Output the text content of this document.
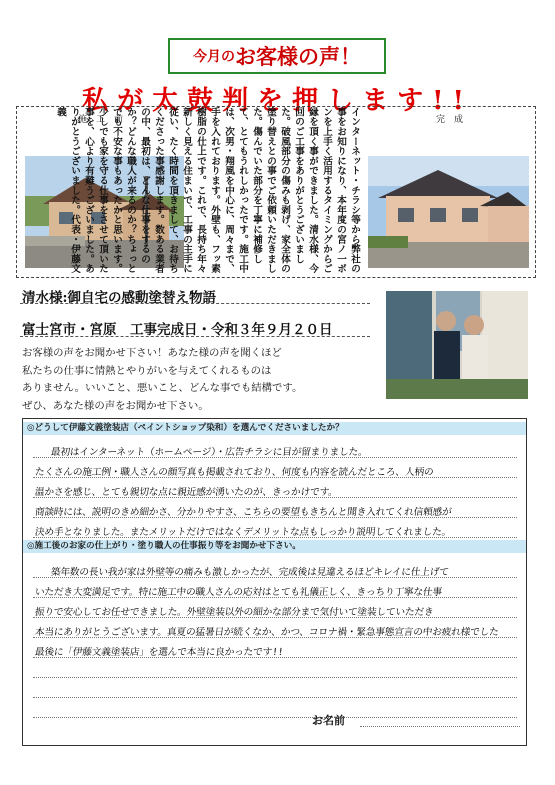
今月の お客様の声！
私が太鼓判を押します!!
施　工　前	完　成
インターネット・チラシ等から弊社の事をお知りになり、本年度の宮ノ一ボンを上手く活用するタイミングからご縁を頂く事ができました。清水様、今回のご工事をありがとうございました。破風部分の傷みも剥げ、家全体の塗り替えとの事でご依頼いただきました。傷んでいた部分を丁寧に補修して、とてもうれしかったです。施工中は、次男・翔風を中心に、周々まで、手を入れております。外壁も、フッ素樹脂の仕上です。これで、長持ち年々新しく見える住まいで、工事の主手に従い、たく時間を頂きまして、お待ちくださった事感謝します。数ある業者の中、最初は、どんな仕事をするのか？どんな職人が来るのか？ちょっとでも不安な事もあったかと思います。少しでも家を守る仕事をさせて頂いた事を、心より有難うございました。ありがとうございました。代表・伊藤文義
清水様:御自宅の感動塗替え物語
富士宮市・宮原　工事完成日・令和３年９月２０日
お客様の声をお聞かせ下さい！あなた様の声を聞くほど
私たちの仕事に情熱とやりがいを与えてくれるものは
ありません。いいこと、悪いこと、どんな事でも結構です。
ぜひ、あなた様の声をお聞かせ下さい。
◎どうして伊藤文義塗装店（ペイントショップ染和）を選んでくださいましたか？
最初はインターネット（ホームページ）・広告チラシに目が留まりました。
たくさんの施工例・職人さんの顔写真も掲載されており、何度も内容を読んだところ、人柄の
温かさを感じ、とても親切な点に親近感が湧いたのが、きっかけです。
商談時には、説明のきめ細かさ、分かりやすさ、こちらの要望もきちんと聞き入れてくれ信頼感が
決め手となりました。またメリットだけではなくデメリットな点もしっかり説明してくれました。
◎施工後のお家の仕上がり・塗り職人の仕事振り等をお聞かせ下さい。
築年数の長い我が家は外壁等の痛みも激しかったが、完成後は見違えるほどキレイに仕上げて
いただき大変満足です。特に施工中の職人さんの応対はとても礼儀正しく、きっちり丁寧な仕事
振りで安心してお任せできました。外壁塗装以外の細かな部分まで気付いて塗装していただき
本当にありがとうございます。真夏の猛暑日が続くなか、かつ、コロナ禍・緊急事態宣言の中お疲れ様でした
最後に「伊藤文義塗装店」を選んで本当に良かったです!!
お名前
